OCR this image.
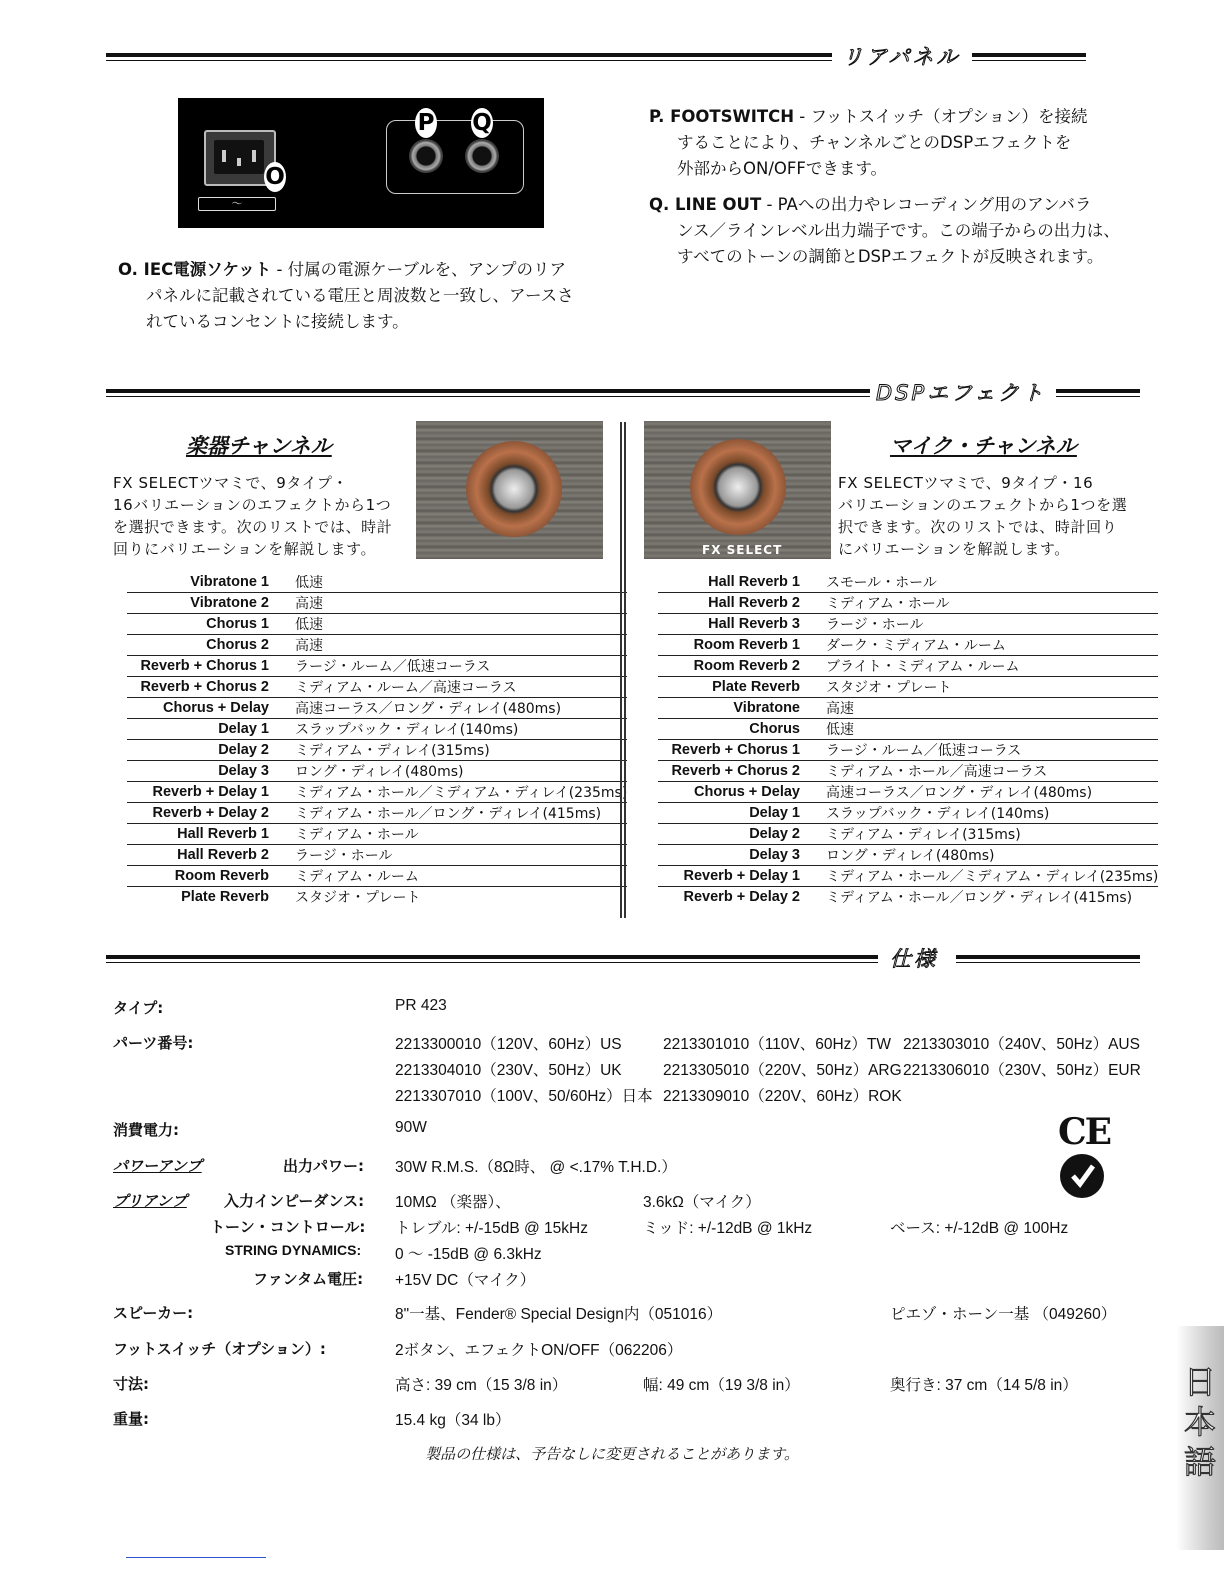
リアパネル
O
～
P Q
O. IEC電源ソケット - 付属の電源ケーブルを、アンプのリア
パネルに記載されている電圧と周波数と一致し、アースさ
れているコンセントに接続します。
P. FOOTSWITCH - フットスイッチ（オプション）を接続
することにより、チャンネルごとのDSPエフェクトを
外部からON/OFFできます。
Q. LINE OUT - PAへの出力やレコーディング用のアンバラ
ンス／ラインレベル出力端子です。この端子からの出力は、
すべてのトーンの調節とDSPエフェクトが反映されます。
DSPエフェクト
楽器チャンネル
FX SELECTツマミで、9タイプ・
16バリエーションのエフェクトから1つ
を選択できます。次のリストでは、時計
回りにバリエーションを解説します。
Vibratone 1	低速
Vibratone 2	高速
Chorus 1	低速
Chorus 2	高速
Reverb + Chorus 1	ラージ・ルーム／低速コーラス
Reverb + Chorus 2	ミディアム・ルーム／高速コーラス
Chorus + Delay	高速コーラス／ロング・ディレイ(480ms)
Delay 1	スラップバック・ディレイ(140ms)
Delay 2	ミディアム・ディレイ(315ms)
Delay 3	ロング・ディレイ(480ms)
Reverb + Delay 1	ミディアム・ホール／ミディアム・ディレイ(235ms)
Reverb + Delay 2	ミディアム・ホール／ロング・ディレイ(415ms)
Hall Reverb 1	ミディアム・ホール
Hall Reverb 2	ラージ・ホール
Room Reverb	ミディアム・ルーム
Plate Reverb	スタジオ・プレート
FX SELECT
マイク・チャンネル
FX SELECTツマミで、9タイプ・16
バリエーションのエフェクトから1つを選
択できます。次のリストでは、時計回り
にバリエーションを解説します。
Hall Reverb 1	スモール・ホール
Hall Reverb 2	ミディアム・ホール
Hall Reverb 3	ラージ・ホール
Room Reverb 1	ダーク・ミディアム・ルーム
Room Reverb 2	ブライト・ミディアム・ルーム
Plate Reverb	スタジオ・プレート
Vibratone	高速
Chorus	低速
Reverb + Chorus 1	ラージ・ルーム／低速コーラス
Reverb + Chorus 2	ミディアム・ホール／高速コーラス
Chorus + Delay	高速コーラス／ロング・ディレイ(480ms)
Delay 1	スラップバック・ディレイ(140ms)
Delay 2	ミディアム・ディレイ(315ms)
Delay 3	ロング・ディレイ(480ms)
Reverb + Delay 1	ミディアム・ホール／ミディアム・ディレイ(235ms)
Reverb + Delay 2	ミディアム・ホール／ロング・ディレイ(415ms)
仕様
タイプ:	PR 423
パーツ番号:	2213300010（120V、60Hz）US	2213301010（110V、60Hz）TW 2213303010（240V、50Hz）AUS
2213304010（230V、50Hz）UK	2213305010（220V、50Hz）ARG 2213306010（230V、50Hz）EUR
2213307010（100V、50/60Hz）日本 2213309010（220V、60Hz）ROK
消費電力:	90W	CE
パワーアンプ	出力パワー: 30W R.M.S.（8Ω時、 @ <.17% T.H.D.）
プリアンプ 入力インピーダンス: 10MΩ （楽器）、	3.6kΩ（マイク）
トーン・コントロール: トレブル: +/-15dB @ 15kHz	ミッド: +/-12dB @ 1kHz	ベース: +/-12dB @ 100Hz
STRING DYNAMICS: 0 ～ -15dB @ 6.3kHz
ファンタム電圧: +15V DC（マイク）
スピーカー:	8"一基、Fender® Special Design内（051016）	ピエゾ・ホーン一基 （049260）
フットスイッチ（オプション）:	2ボタン、エフェクトON/OFF（062206）
寸法:	高さ: 39 cm（15 3/8 in）	幅: 49 cm（19 3/8 in）	奥行き: 37 cm（14 5/8 in）
重量:	15.4 kg（34 lb）
製品の仕様は、予告なしに変更されることがあります。
日本語
